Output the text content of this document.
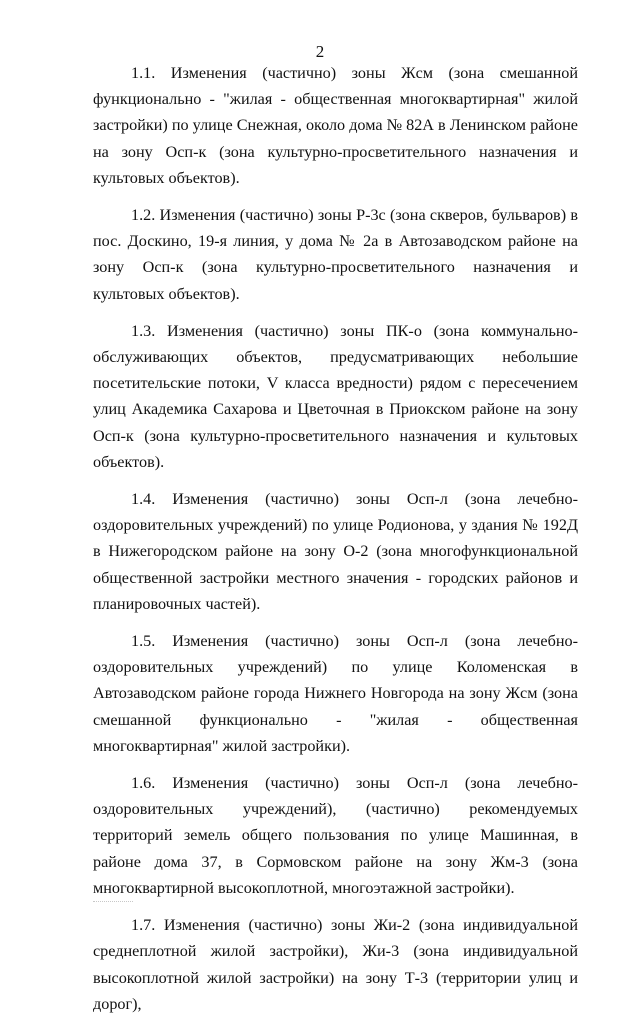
2

1.1. Изменения (частично) зоны Жсм (зона смешанной функционально - "жилая - общественная многоквартирная" жилой застройки) по улице Снежная, около дома № 82А в Ленинском районе на зону Осп-к (зона культурно-просветительного назначения и культовых объектов).

1.2. Изменения (частично) зоны Р-3с (зона скверов, бульваров) в пос. Доскино, 19-я линия, у дома № 2а в Автозаводском районе на зону Осп-к (зона культурно-просветительного назначения и культовых объектов).

1.3. Изменения (частично) зоны ПК-о (зона коммунально-обслуживающих объектов, предусматривающих небольшие посетительские потоки, V класса вредности) рядом с пересечением улиц Академика Сахарова и Цветочная в Приокском районе на зону Осп-к (зона культурно-просветительного назначения и культовых объектов).

1.4. Изменения (частично) зоны Осп-л (зона лечебно-оздоровительных учреждений) по улице Родионова, у здания № 192Д в Нижегородском районе на зону О-2 (зона многофункциональной общественной застройки местного значения - городских районов и планировочных частей).

1.5. Изменения (частично) зоны Осп-л (зона лечебно-оздоровительных учреждений) по улице Коломенская в Автозаводском районе города Нижнего Новгорода на зону Жсм (зона смешанной функционально - "жилая - общественная многоквартирная" жилой застройки).

1.6. Изменения (частично) зоны Осп-л (зона лечебно-оздоровительных учреждений), (частично) рекомендуемых территорий земель общего пользования по улице Машинная, в районе дома 37, в Сормовском районе на зону Жм-3 (зона многоквартирной высокоплотной, многоэтажной застройки).

1.7. Изменения (частично) зоны Жи-2 (зона индивидуальной среднеплотной жилой застройки), Жи-3 (зона индивидуальной высокоплотной жилой застройки) на зону Т-3 (территории улиц и дорог),
